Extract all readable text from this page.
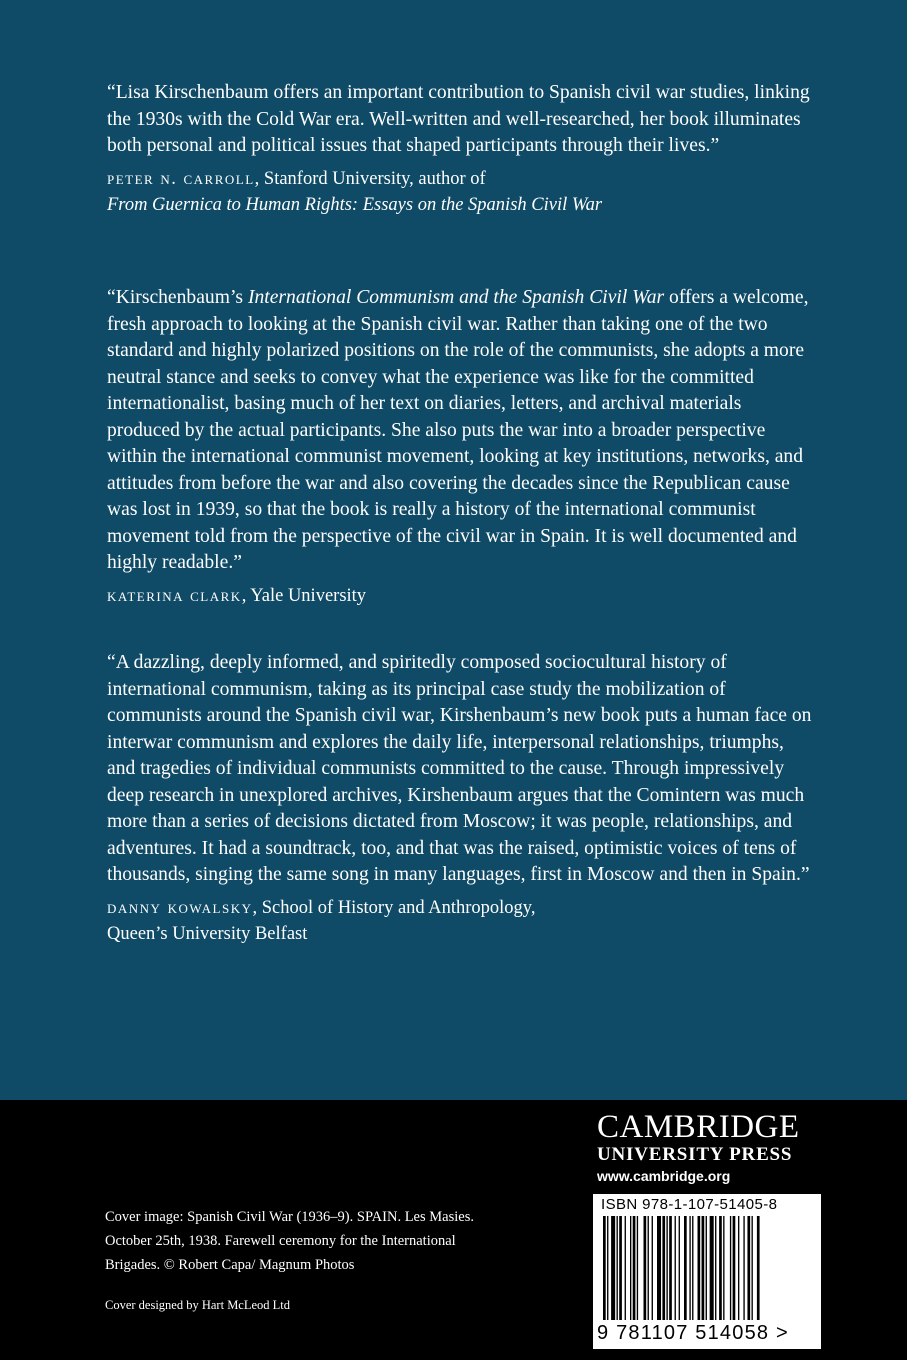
“Lisa Kirschenbaum offers an important contribution to Spanish civil war studies, linking the 1930s with the Cold War era. Well-written and well-researched, her book illuminates both personal and political issues that shaped participants through their lives.”

peter n. carroll, Stanford University, author of
From Guernica to Human Rights: Essays on the Spanish Civil War

“Kirschenbaum’s International Communism and the Spanish Civil War offers a welcome, fresh approach to looking at the Spanish civil war. Rather than taking one of the two standard and highly polarized positions on the role of the communists, she adopts a more neutral stance and seeks to convey what the experience was like for the committed internationalist, basing much of her text on diaries, letters, and archival materials produced by the actual participants. She also puts the war into a broader perspective within the international communist movement, looking at key institutions, networks, and attitudes from before the war and also covering the decades since the Republican cause was lost in 1939, so that the book is really a history of the international communist movement told from the perspective of the civil war in Spain. It is well documented and highly readable.”

katerina clark, Yale University

“A dazzling, deeply informed, and spiritedly composed sociocultural history of international communism, taking as its principal case study the mobilization of communists around the Spanish civil war, Kirshenbaum’s new book puts a human face on interwar communism and explores the daily life, interpersonal relationships, triumphs, and tragedies of individual communists committed to the cause. Through impressively deep research in unexplored archives, Kirshenbaum argues that the Comintern was much more than a series of decisions dictated from Moscow; it was people, relationships, and adventures. It had a soundtrack, too, and that was the raised, optimistic voices of tens of thousands, singing the same song in many languages, first in Moscow and then in Spain.”

danny kowalsky, School of History and Anthropology,
Queen’s University Belfast

Cover image: Spanish Civil War (1936–9). SPAIN. Les Masies. October 25th, 1938. Farewell ceremony for the International Brigades. © Robert Capa/ Magnum Photos
Cover designed by Hart McLeod Ltd
CAMBRIDGE
UNIVERSITY PRESS
www.cambridge.org
ISBN 978-1-107-51405-8
9 781107 514058 >
